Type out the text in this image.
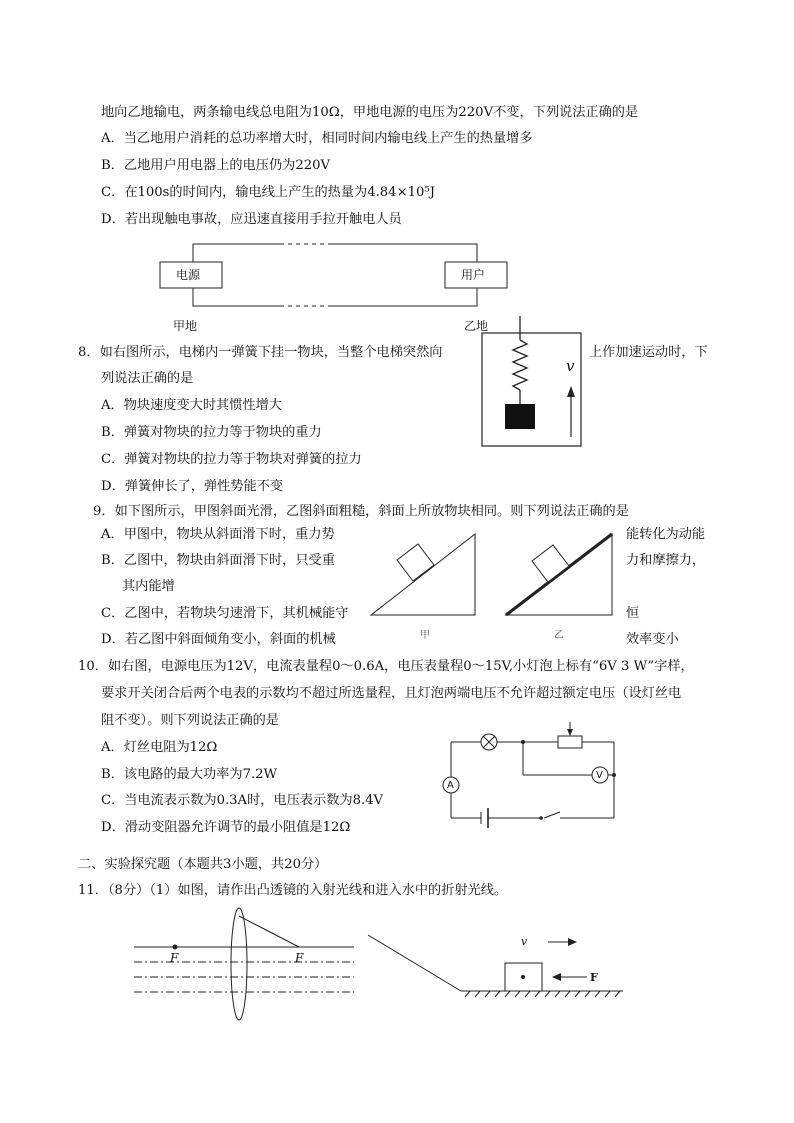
地向乙地输电，两条输电线总电阻为10Ω，甲地电源的电压为220V不变，下列说法正确的是
A．当乙地用户消耗的总功率增大时，相同时间内输电线上产生的热量增多
B．乙地用户用电器上的电压仍为220V
C．在100s的时间内，输电线上产生的热量为4.84×10⁵J
D．若出现触电事故，应迅速直接用手拉开触电人员
电源	用户
甲地	乙地
8．如右图所示，电梯内一弹簧下挂一物块，当整个电梯突然向	上作加速运动时，下
列说法正确的是
A．物块速度变大时其惯性增大
B．弹簧对物块的拉力等于物块的重力
C．弹簧对物块的拉力等于物块对弹簧的拉力
D．弹簧伸长了，弹性势能不变
v
9．如下图所示，甲图斜面光滑，乙图斜面粗糙，斜面上所放物块相同。则下列说法正确的是
A．甲图中，物块从斜面滑下时，重力势	能转化为动能
B．乙图中，物块由斜面滑下时，只受重	力和摩擦力，
其内能增
C．乙图中，若物块匀速滑下，其机械能守	恒
D．若乙图中斜面倾角变小，斜面的机械	效率变小
甲	乙
10．如右图，电源电压为12V，电流表量程0～0.6A，电压表量程0～15V,小灯泡上标有“6V 3 W”字样，
要求开关闭合后两个电表的示数均不超过所选量程，且灯泡两端电压不允许超过额定电压（设灯丝电
阻不变）。则下列说法正确的是
A．灯丝电阻为12Ω
B．该电路的最大功率为7.2W
C．当电流表示数为0.3A时，电压表示数为8.4V
D．滑动变阻器允许调节的最小阻值是12Ω
A
V
二、实验探究题（本题共3小题，共20分）
11．（8分）（1）如图，请作出凸透镜的入射光线和进入水中的折射光线。
F	F
v
F
